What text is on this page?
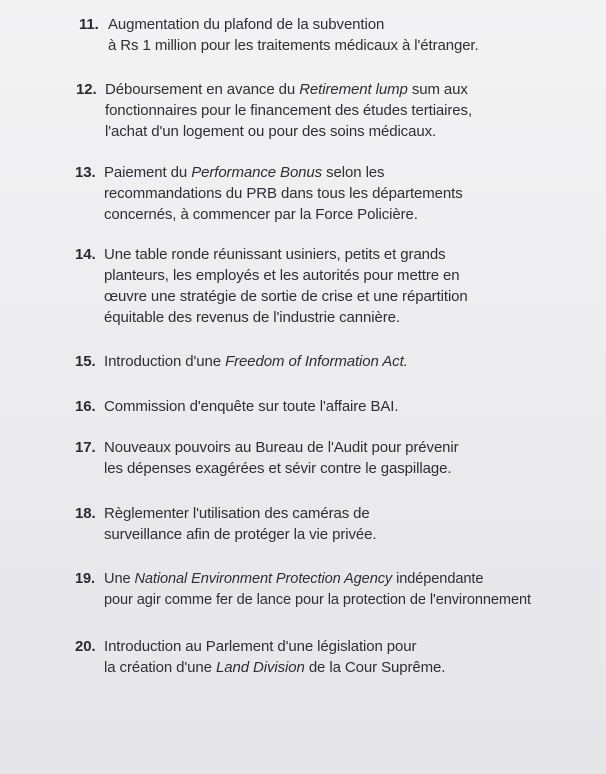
11. Augmentation du plafond de la subvention
à Rs 1 million pour les traitements médicaux à l'étranger.
12. Déboursement en avance du Retirement lump sum aux
fonctionnaires pour le financement des études tertiaires,
l'achat d'un logement ou pour des soins médicaux.
13. Paiement du Performance Bonus selon les
recommandations du PRB dans tous les départements
concernés, à commencer par la Force Policière.
14. Une table ronde réunissant usiniers, petits et grands
planteurs, les employés et les autorités pour mettre en
œuvre une stratégie de sortie de crise et une répartition
équitable des revenus de l'industrie cannière.
15. Introduction d'une Freedom of Information Act.
16. Commission d'enquête sur toute l'affaire BAI.
17. Nouveaux pouvoirs au Bureau de l'Audit pour prévenir
les dépenses exagérées et sévir contre le gaspillage.
18. Règlementer l'utilisation des caméras de
surveillance afin de protéger la vie privée.
19. Une National Environment Protection Agency indépendante
pour agir comme fer de lance pour la protection de l'environnement
20. Introduction au Parlement d'une législation pour
la création d'une Land Division de la Cour Suprême.
